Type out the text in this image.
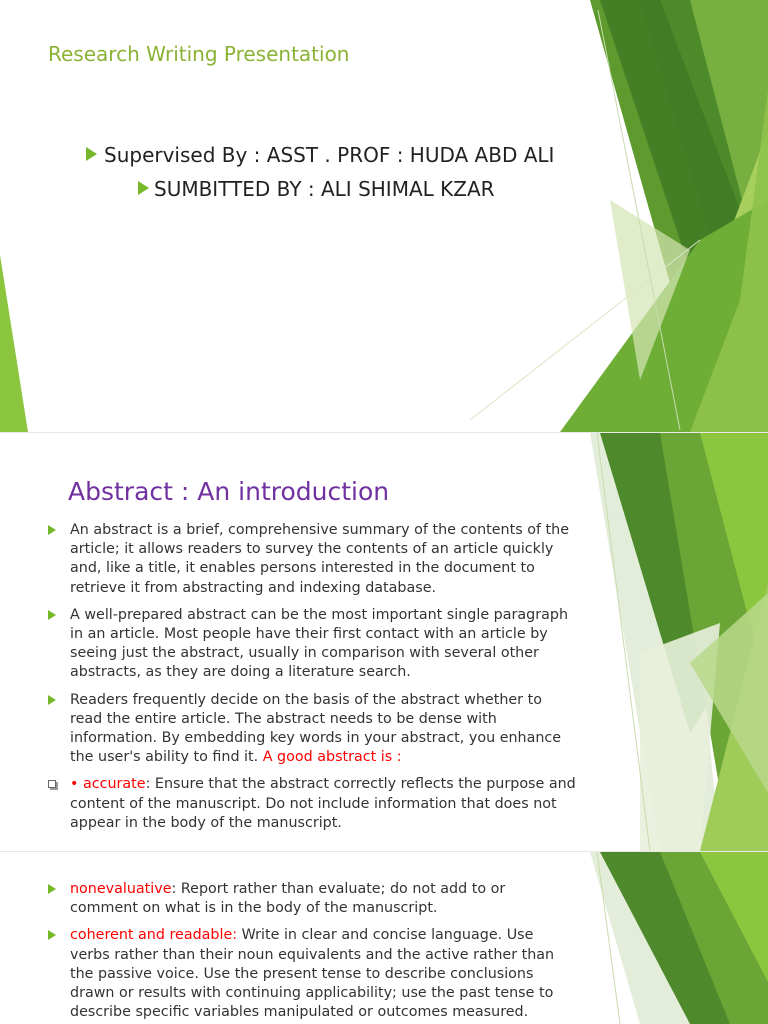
Research Writing Presentation

Supervised By : ASST . PROF : HUDA ABD ALI

SUMBITTED BY : ALI SHIMAL KZAR

Abstract : An introduction

An abstract is a brief, comprehensive summary of the contents of the article; it allows readers to survey the contents of an article quickly and, like a title, it enables persons interested in the document to retrieve it from abstracting and indexing database.
A well-prepared abstract can be the most important single paragraph in an article. Most people have their first contact with an article by seeing just the abstract, usually in comparison with several other abstracts, as they are doing a literature search.
Readers frequently decide on the basis of the abstract whether to read the entire article. The abstract needs to be dense with information. By embedding key words in your abstract, you enhance the user's ability to find it. A good abstract is :
• accurate: Ensure that the abstract correctly reflects the purpose and content of the manuscript. Do not include information that does not appear in the body of the manuscript.
nonevaluative: Report rather than evaluate; do not add to or comment on what is in the body of the manuscript.
coherent and readable: Write in clear and concise language. Use verbs rather than their noun equivalents and the active rather than the passive voice. Use the present tense to describe conclusions drawn or results with continuing applicability; use the past tense to describe specific variables manipulated or outcomes measured.
